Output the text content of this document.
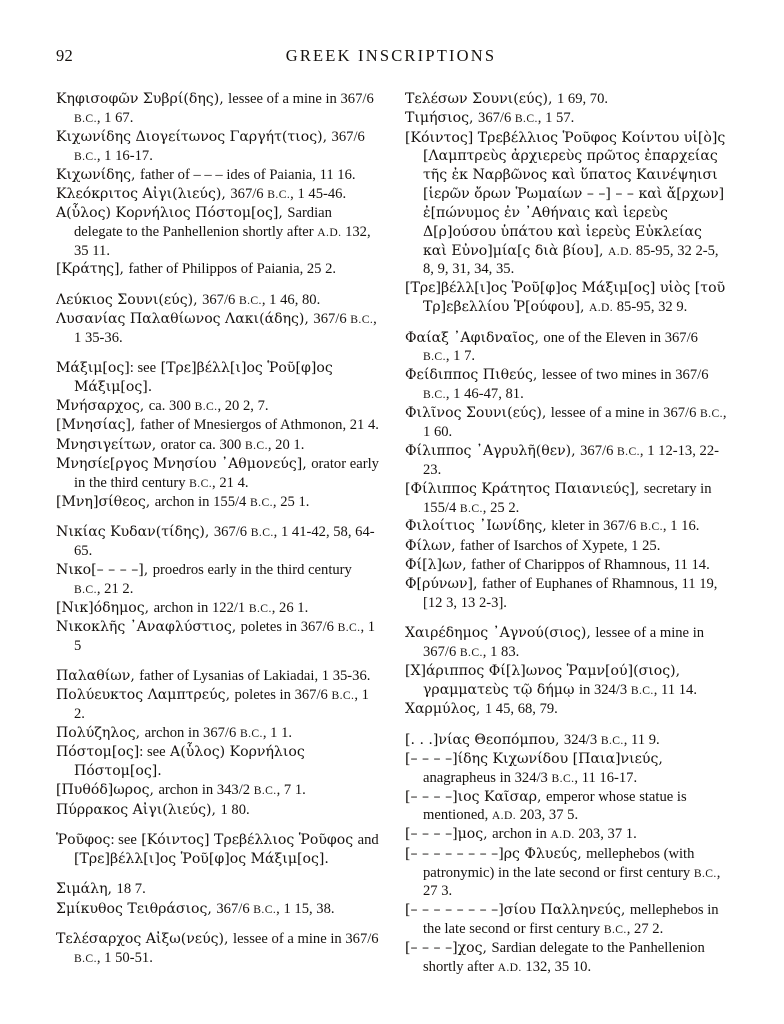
92	GREEK INSCRIPTIONS

Κηφισοφῶν Συβρί(δης), lessee of a mine in 367/6 B.C., 1 67.

Κιχωνίδης Διογείτωνος Γαργήτ(τιος), 367/6 B.C., 1 16-17.

Κιχωνίδης, father of – – – ides of Paiania, 11 16.

Κλεόκριτος Αἰγι(λιεύς), 367/6 B.C., 1 45-46.

Α(ὗλος) Κορνήλιος Πόστομ[ος], Sardian delegate to the Panhellenion shortly after A.D. 132, 35 11.

[Κράτης], father of Philippos of Paiania, 25 2.

Λεύκιος Σουνι(εύς), 367/6 B.C., 1 46, 80.

Λυσανίας Παλαθίωνος Λακι(άδης), 367/6 B.C., 1 35-36.

Μάξιμ[ος]: see [Τρε]βέλλ[ι]ος Ῥοῦ[φ]ος Μάξιμ[ος].

Μνήσαρχος, ca. 300 B.C., 20 2, 7.

[Μνησίας], father of Mnesiergos of Athmonon, 21 4.

Μνησιγείτων, orator ca. 300 B.C., 20 1.

Μνησίε[ργος Μνησίου ᾽Αθμονεύς], orator early in the third century B.C., 21 4.

[Μνη]σίθεος, archon in 155/4 B.C., 25 1.

Νικίας Κυδαν(τίδης), 367/6 B.C., 1 41-42, 58, 64-65.

Νικο[– – – –], proedros early in the third century B.C., 21 2.

[Νικ]όδημος, archon in 122/1 B.C., 26 1.

Νικοκλῆς ᾽Αναφλύστιος, poletes in 367/6 B.C., 1 5

Παλαθίων, father of Lysanias of Lakiadai, 1 35-36.

Πολύευκτος Λαμπτρεύς, poletes in 367/6 B.C., 1 2.

Πολύζηλος, archon in 367/6 B.C., 1 1.

Πόστομ[ος]: see Α(ὗλος) Κορνήλιος Πόστομ[ος].

[Πυθόδ]ωρος, archon in 343/2 B.C., 7 1.

Πύρρακος Αἰγι(λιεύς), 1 80.

Ῥοῦφος: see [Κόιντος] Τρεβέλλιος Ῥοῦφος and [Τρε]βέλλ[ι]ος Ῥοῦ[φ]ος Μάξιμ[ος].

Σιμάλη, 18 7.

Σμίκυθος Τειθράσιος, 367/6 B.C., 1 15, 38.

Τελέσαρχος Αἰξω(νεύς), lessee of a mine in 367/6 B.C., 1 50-51.

Τελέσων Σουνι(εύς), 1 69, 70.

Τιμήσιος, 367/6 B.C., 1 57.

[Κόιντος] Τρεβέλλιος Ῥοῦφος Κοίντου υἱ[ὸ]ς [Λαμπτρεὺς ἀρχιερεὺς πρῶτος ἐπαρχείας τῆς ἐκ Ναρβῶνος καὶ ὕπατος Καινέψηισι [ἱερῶν ὄρων Ῥωμαίων – –] – – καὶ ἄ[ρχων] ἐ[πώνυμος ἐν ᾽Αθήναις καὶ ἱερεὺς Δ[ρ]ούσου ὑπάτου καὶ ἱερεὺς Εὐκλείας καὶ Εὐνο]μία[ς διὰ βίου], A.D. 85-95, 32 2-5, 8, 9, 31, 34, 35.

[Τρε]βέλλ[ι]ος Ῥοῦ[φ]ος Μάξιμ[ος] υἱὸς [τοῦ Τρ]εβελλίου Ῥ[ούφου], A.D. 85-95, 32 9.

Φαίαξ ᾽Αφιδναῖος, one of the Eleven in 367/6 B.C., 1 7.

Φείδιππος Πιθεύς, lessee of two mines in 367/6 B.C., 1 46-47, 81.

Φιλῖνος Σουνι(εύς), lessee of a mine in 367/6 B.C., 1 60.

Φίλιππος ᾽Αγρυλῆ(θεν), 367/6 B.C., 1 12-13, 22-23.

[Φίλιππος Κράτητος Παιανιεύς], secretary in 155/4 B.C., 25 2.

Φιλοίτιος ᾽Ιωνίδης, kleter in 367/6 B.C., 1 16.

Φίλων, father of Isarchos of Xypete, 1 25.

Φί[λ]ων, father of Charippos of Rhamnous, 11 14.

Φ[ρύνων], father of Euphanes of Rhamnous, 11 19, [12 3, 13 2-3].

Χαιρέδημος ᾽Αγνού(σιος), lessee of a mine in 367/6 B.C., 1 83.

[Χ]άριππος Φί[λ]ωνος Ῥαμν[ού](σιος), γραμματεὺς τῷ δήμῳ in 324/3 B.C., 11 14.

Χαρμύλος, 1 45, 68, 79.

[. . .]νίας Θεοπόμπου, 324/3 B.C., 11 9.

[– – – –]ίδης Κιχωνίδου [Παια]νιεύς, anagrapheus in 324/3 B.C., 11 16-17.

[– – – –]ιος Καῖσαρ, emperor whose statue is mentioned, A.D. 203, 37 5.

[– – – –]μος, archon in A.D. 203, 37 1.

[– – – – – – – –]ρς Φλυεύς, mellephebos (with patronymic) in the late second or first century B.C., 27 3.

[– – – – – – – –]σίου Παλληνεύς, mellephebos in the late second or first century B.C., 27 2.

[– – – –]χος, Sardian delegate to the Panhellenion shortly after A.D. 132, 35 10.
